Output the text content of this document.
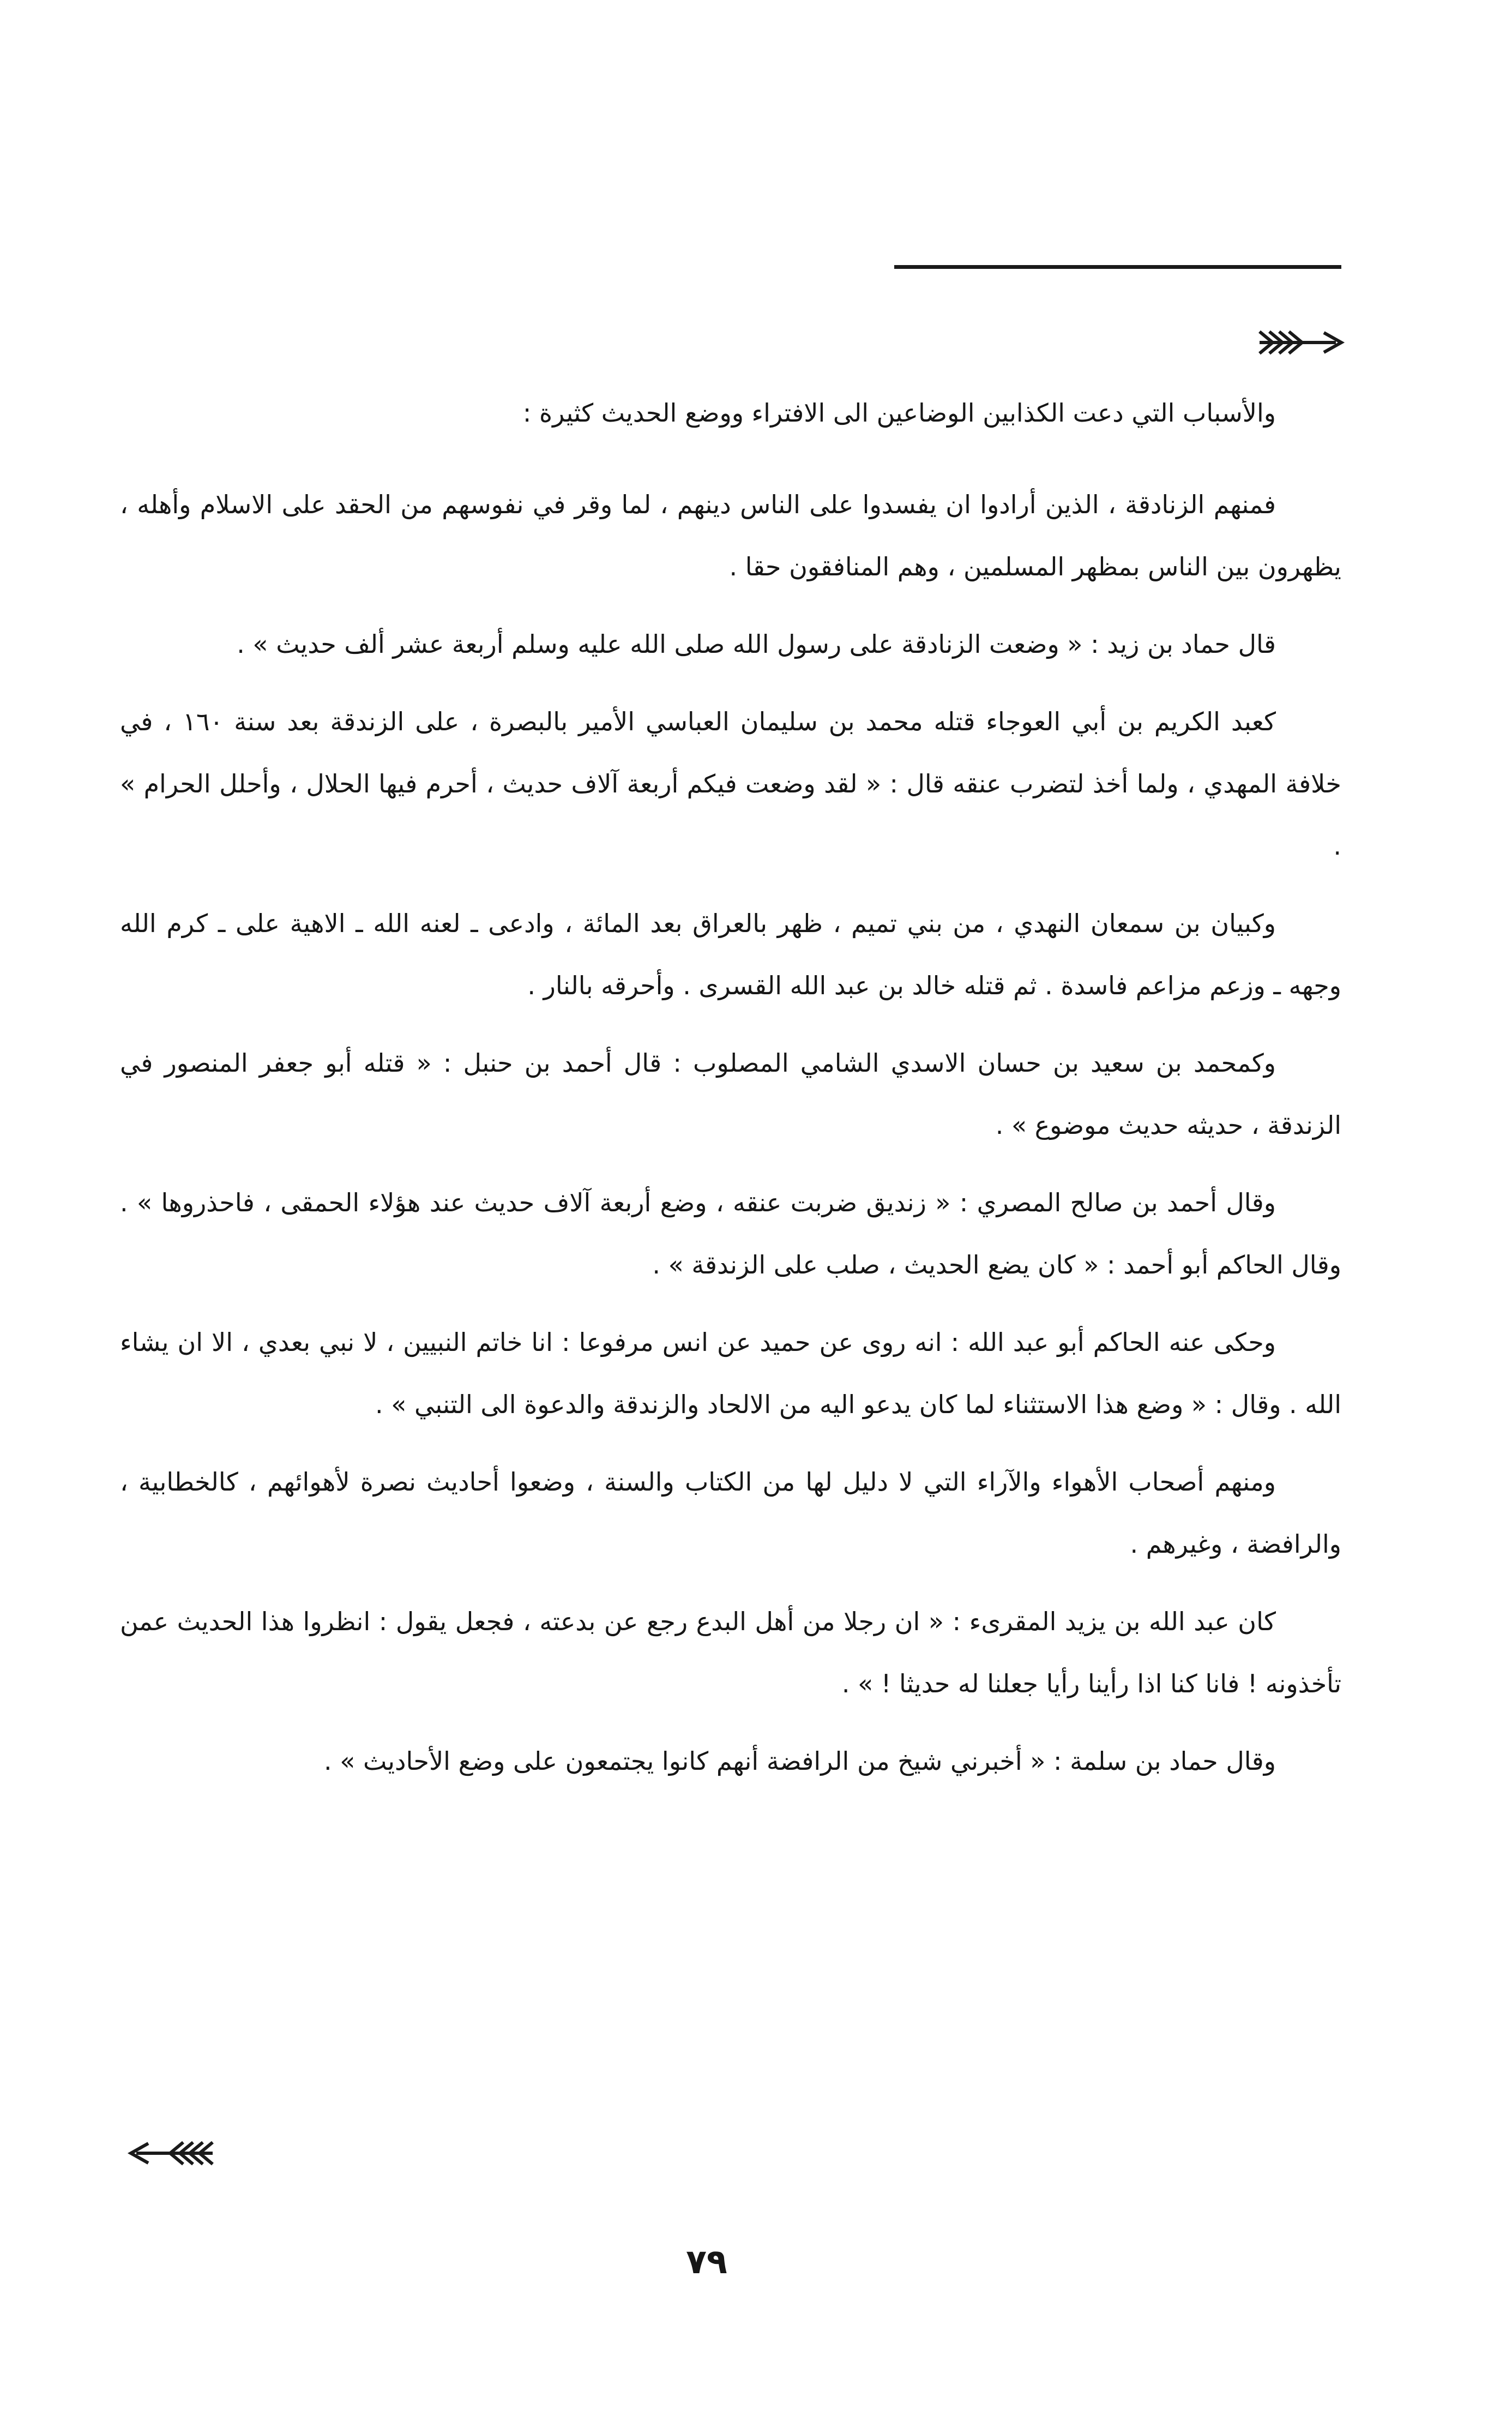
والأسباب التي دعت الكذابين الوضاعين الى الافتراء ووضع الحديث كثيرة :

فمنهم الزنادقة ، الذين أرادوا ان يفسدوا على الناس دينهم ، لما وقر في نفوسهم من الحقد على الاسلام وأهله ، يظهرون بين الناس بمظهر المسلمين ، وهم المنافقون حقا .

قال حماد بن زيد : « وضعت الزنادقة على رسول الله صلى الله عليه وسلم أربعة عشر ألف حديث » .

كعبد الكريم بن أبي العوجاء قتله محمد بن سليمان العباسي الأمير بالبصرة ، على الزندقة بعد سنة ١٦٠ ، في خلافة المهدي ، ولما أخذ لتضرب عنقه قال : « لقد وضعت فيكم أربعة آلاف حديث ، أحرم فيها الحلال ، وأحلل الحرام » .

وكبيان بن سمعان النهدي ، من بني تميم ، ظهر بالعراق بعد المائة ، وادعى ـ لعنه الله ـ الاهية على ـ كرم الله وجهه ـ وزعم مزاعم فاسدة . ثم قتله خالد بن عبد الله القسرى . وأحرقه بالنار .

وكمحمد بن سعيد بن حسان الاسدي الشامي المصلوب : قال أحمد بن حنبل : « قتله أبو جعفر المنصور في الزندقة ، حديثه حديث موضوع » .

وقال أحمد بن صالح المصري : « زنديق ضربت عنقه ، وضع أربعة آلاف حديث عند هؤلاء الحمقى ، فاحذروها » . وقال الحاكم أبو أحمد : « كان يضع الحديث ، صلب على الزندقة » .

وحكى عنه الحاكم أبو عبد الله : انه روى عن حميد عن انس مرفوعا : انا خاتم النبيين ، لا نبي بعدي ، الا ان يشاء الله . وقال : « وضع هذا الاستثناء لما كان يدعو اليه من الالحاد والزندقة والدعوة الى التنبي » .

ومنهم أصحاب الأهواء والآراء التي لا دليل لها من الكتاب والسنة ، وضعوا أحاديث نصرة لأهوائهم ، كالخطابية ، والرافضة ، وغيرهم .

كان عبد الله بن يزيد المقرىء : « ان رجلا من أهل البدع رجع عن بدعته ، فجعل يقول : انظروا هذا الحديث عمن تأخذونه ! فانا كنا اذا رأينا رأيا جعلنا له حديثا ! » .

وقال حماد بن سلمة : « أخبرني شيخ من الرافضة أنهم كانوا يجتمعون على وضع الأحاديث » .

٧٩
